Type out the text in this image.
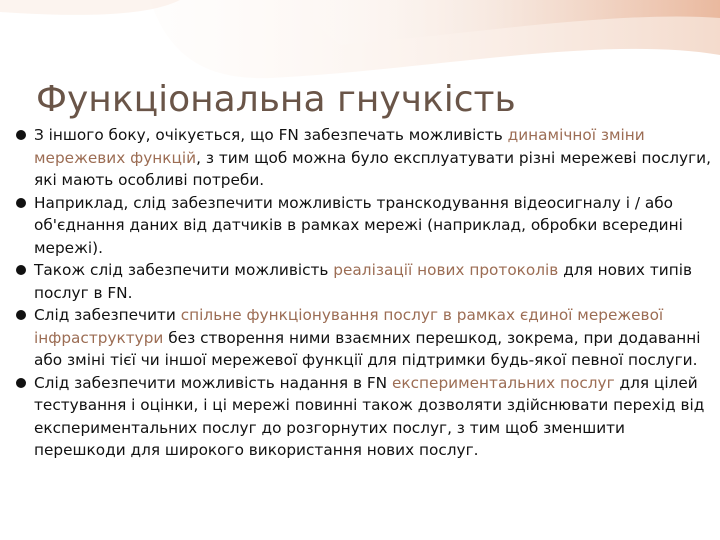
Функціональна гнучкість
З іншого боку, очікується, що FN забезпечать можливість динамічної зміни мережевих функцій, з тим щоб можна було експлуатувати різні мережеві послуги, які мають особливі потреби.
Наприклад, слід забезпечити можливість транскодування відеосигналу і / або об'єднання даних від датчиків в рамках мережі (наприклад, обробки всередині мережі).
Також слід забезпечити можливість реалізації нових протоколів для нових типів послуг в FN.
Слід забезпечити спільне функціонування послуг в рамках єдиної мережевої інфраструктури без створення ними взаємних перешкод, зокрема, при додаванні або зміні тієї чи іншої мережевої функції для підтримки будь-якої певної послуги.
Слід забезпечити можливість надання в FN експериментальних послуг для цілей тестування і оцінки, і ці мережі повинні також дозволяти здійснювати перехід від експериментальних послуг до розгорнутих послуг, з тим щоб зменшити перешкоди для широкого використання нових послуг.
